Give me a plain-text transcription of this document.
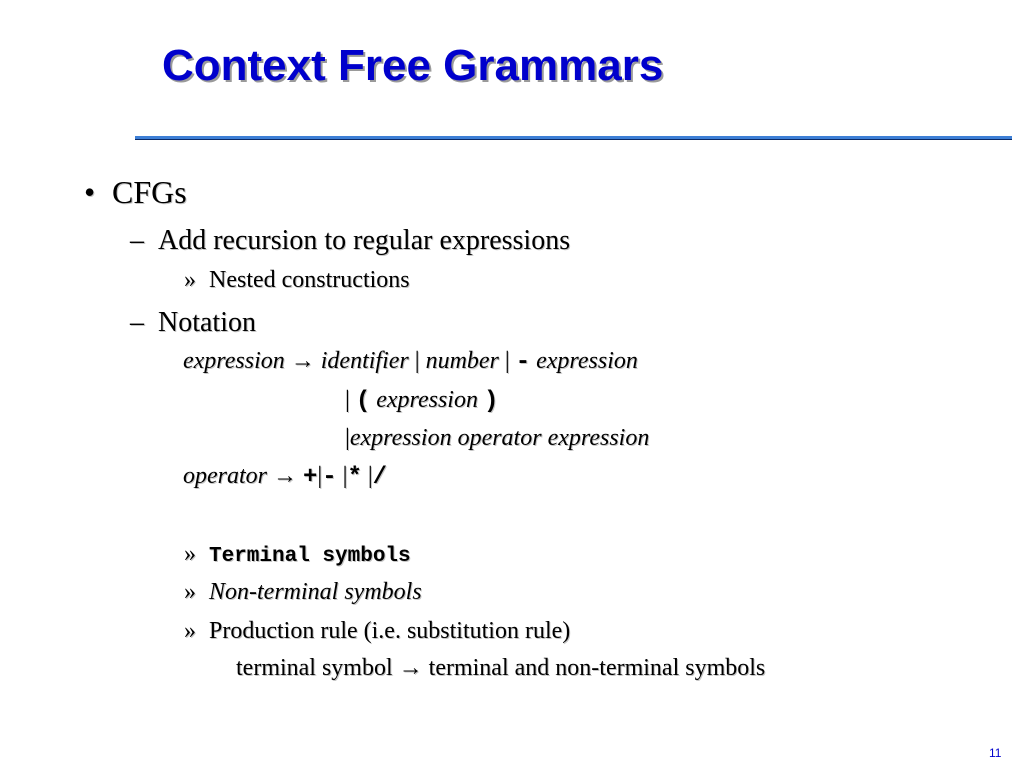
Context Free Grammars
• CFGs
– Add recursion to regular expressions
» Nested constructions
– Notation
expression → identifier | number | - expression
| ( expression )
|expression operator expression
operator → +|- |* |/
» Terminal symbols
» Non-terminal symbols
» Production rule (i.e. substitution rule)
terminal symbol → terminal and non-terminal symbols
11
